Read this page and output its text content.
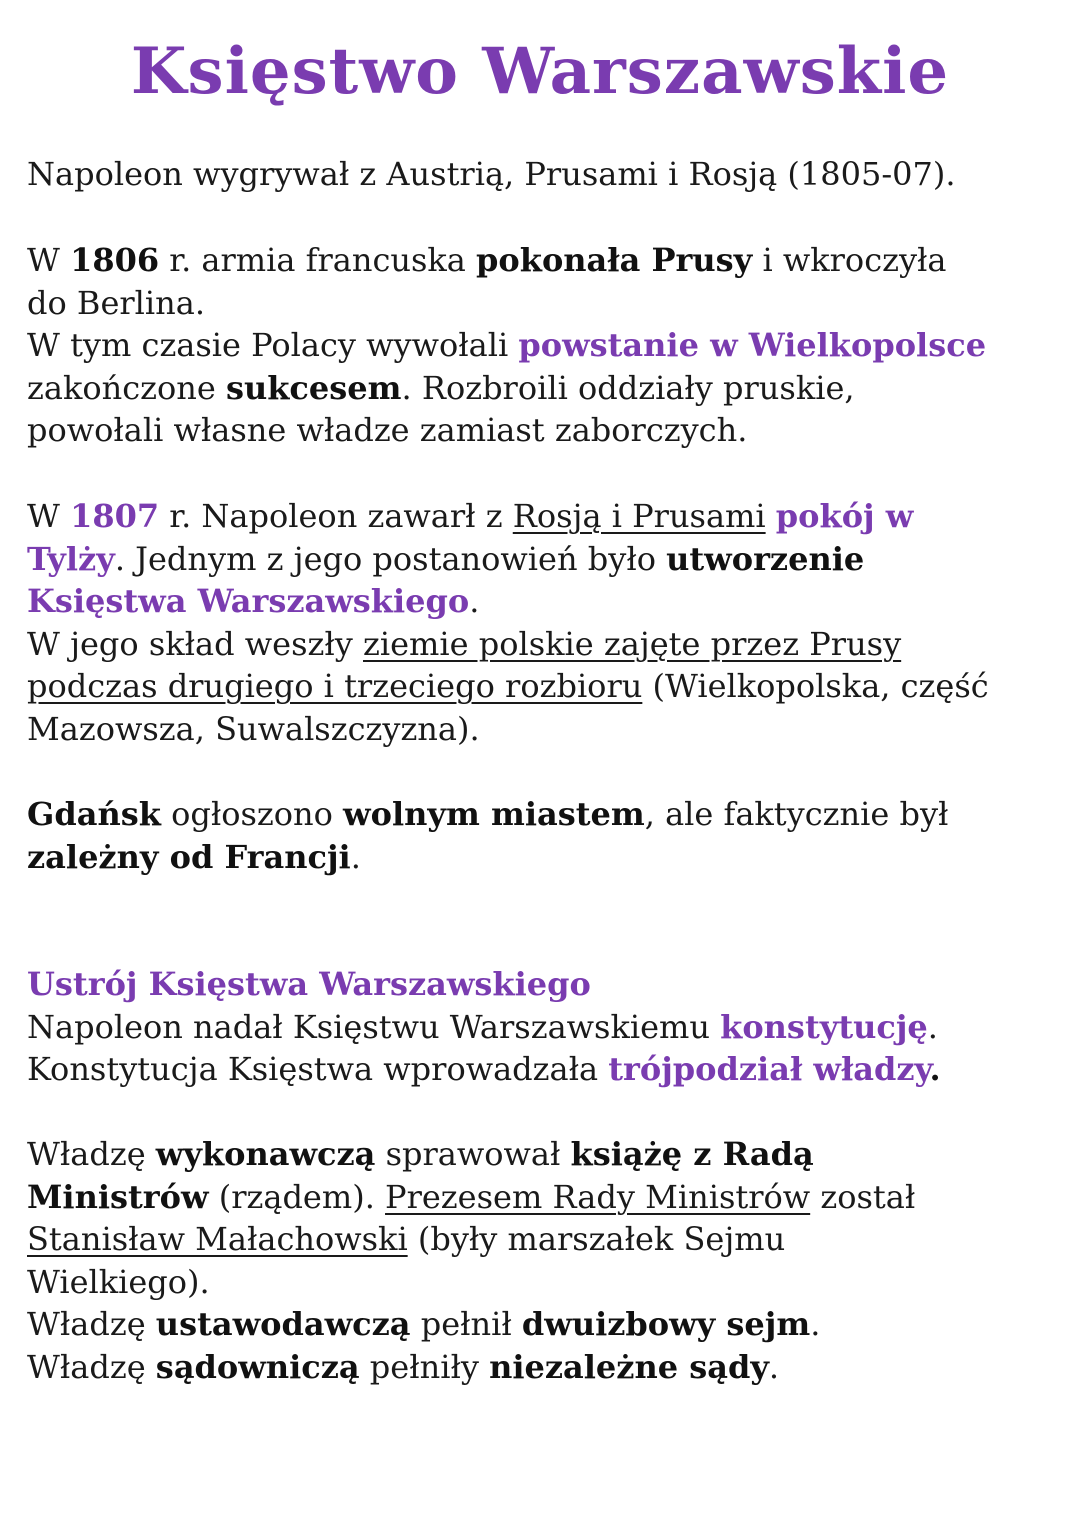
Księstwo Warszawskie
Napoleon wygrywał z Austrią, Prusami i Rosją (1805-07).
W 1806 r. armia francuska pokonała Prusy i wkroczyła
do Berlina.
W tym czasie Polacy wywołali powstanie w Wielkopolsce
zakończone sukcesem. Rozbroili oddziały pruskie,
powołali własne władze zamiast zaborczych.
W 1807 r. Napoleon zawarł z Rosją i Prusami pokój w
Tylży. Jednym z jego postanowień było utworzenie
Księstwa Warszawskiego.
W jego skład weszły ziemie polskie zajęte przez Prusy
podczas drugiego i trzeciego rozbioru (Wielkopolska, część
Mazowsza, Suwalszczyzna).
Gdańsk ogłoszono wolnym miastem, ale faktycznie był
zależny od Francji.
Ustrój Księstwa Warszawskiego
Napoleon nadał Księstwu Warszawskiemu konstytucję.
Konstytucja Księstwa wprowadzała trójpodział władzy.
Władzę wykonawczą sprawował książę z Radą
Ministrów (rządem). Prezesem Rady Ministrów został
Stanisław Małachowski (były marszałek Sejmu
Wielkiego).
Władzę ustawodawczą pełnił dwuizbowy sejm.
Władzę sądowniczą pełniły niezależne sądy.
